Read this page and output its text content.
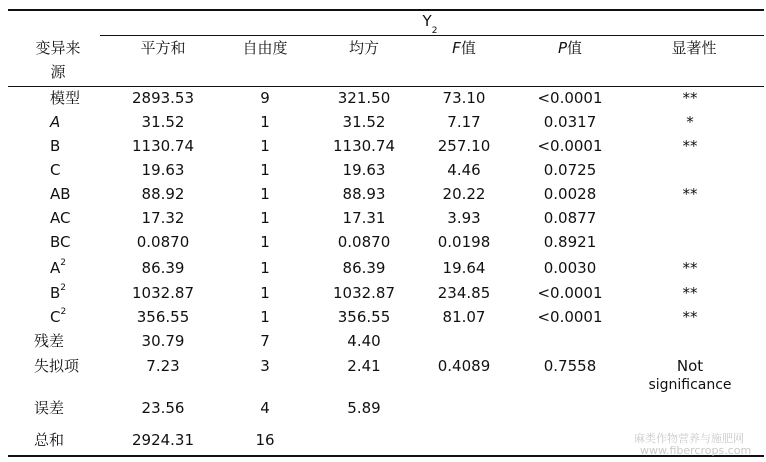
$Y_2$
变异来
源
平方和	自由度	均方	F值	P值	显著性
模型	2893.53	9	321.50	73.10	<0.0001	**
A	31.52	1	31.52	7.17	0.0317	*
B	1130.74	1	1130.74	257.10	<0.0001	**
C	19.63	1	19.63	4.46	0.0725
AB	88.92	1	88.93	20.22	0.0028	**
AC	17.32	1	17.31	3.93	0.0877
BC	0.0870	1	0.0870	0.0198	0.8921
$A^2$	86.39	1	86.39	19.64	0.0030	**
$B^2$	1032.87	1	1032.87	234.85	<0.0001	**
$C^2$	356.55	1	356.55	81.07	<0.0001	**
残差	30.79	7	4.40
失拟项	7.23	3	2.41	0.4089	0.7558	Not
significance
误差	23.56	4	5.89
总和	2924.31	16	麻类作物营养与施肥网
www.fibercrops.com
